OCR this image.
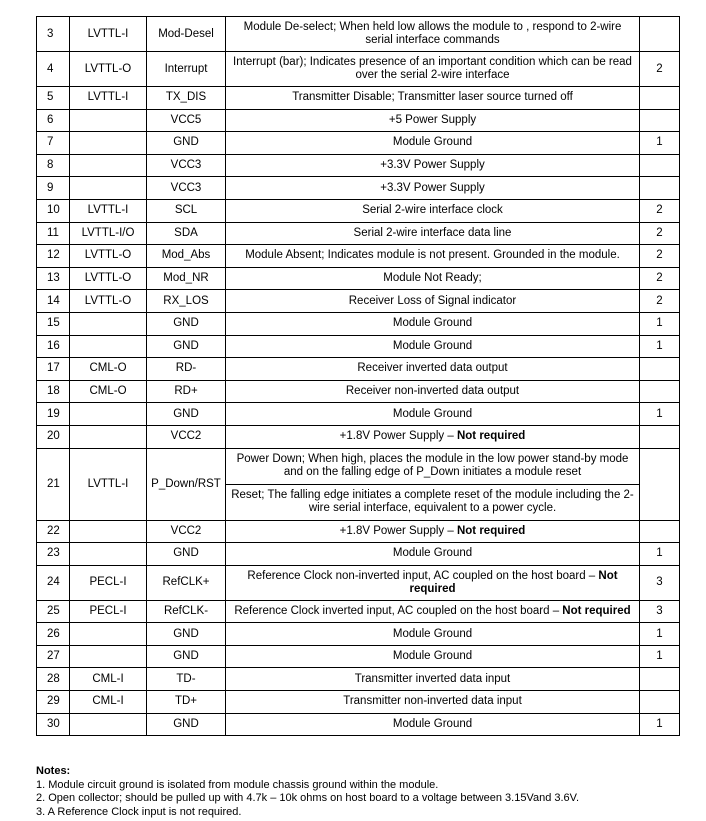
3	LVTTL-I	Mod-Desel	Module De-select; When held low allows the module to , respond to 2-wire serial interface commands	
4	LVTTL-O	Interrupt	Interrupt (bar); Indicates presence of an important condition which can be read over the serial 2-wire interface	2
5	LVTTL-I	TX_DIS	Transmitter Disable; Transmitter laser source turned off	
6		VCC5	+5 Power Supply	
7		GND	Module Ground	1
8		VCC3	+3.3V Power Supply	
9		VCC3	+3.3V Power Supply	
10	LVTTL-I	SCL	Serial 2-wire interface clock	2
11	LVTTL-I/O	SDA	Serial 2-wire interface data line	2
12	LVTTL-O	Mod_Abs	Module Absent; Indicates module is not present. Grounded in the module.	2
13	LVTTL-O	Mod_NR	Module Not Ready;	2
14	LVTTL-O	RX_LOS	Receiver Loss of Signal indicator	2
15		GND	Module Ground	1
16		GND	Module Ground	1
17	CML-O	RD-	Receiver inverted data output	
18	CML-O	RD+	Receiver non-inverted data output	
19		GND	Module Ground	1
20		VCC2	+1.8V Power Supply – Not required	
21	LVTTL-I	P_Down/RST	Power Down; When high, places the module in the low power stand-by mode and on the falling edge of P_Down initiates a module reset	
			Reset; The falling edge initiates a complete reset of the module including the 2-wire serial interface, equivalent to a power cycle.	
22		VCC2	+1.8V Power Supply – Not required	
23		GND	Module Ground	1
24	PECL-I	RefCLK+	Reference Clock non-inverted input, AC coupled on the host board – Not required	3
25	PECL-I	RefCLK-	Reference Clock inverted input, AC coupled on the host board – Not required	3
26		GND	Module Ground	1
27		GND	Module Ground	1
28	CML-I	TD-	Transmitter inverted data input	
29	CML-I	TD+	Transmitter non-inverted data input	
30		GND	Module Ground	1
Notes:
1. Module circuit ground is isolated from module chassis ground within the module.
2. Open collector; should be pulled up with 4.7k – 10k ohms on host board to a voltage between 3.15Vand 3.6V.
3. A Reference Clock input is not required.
